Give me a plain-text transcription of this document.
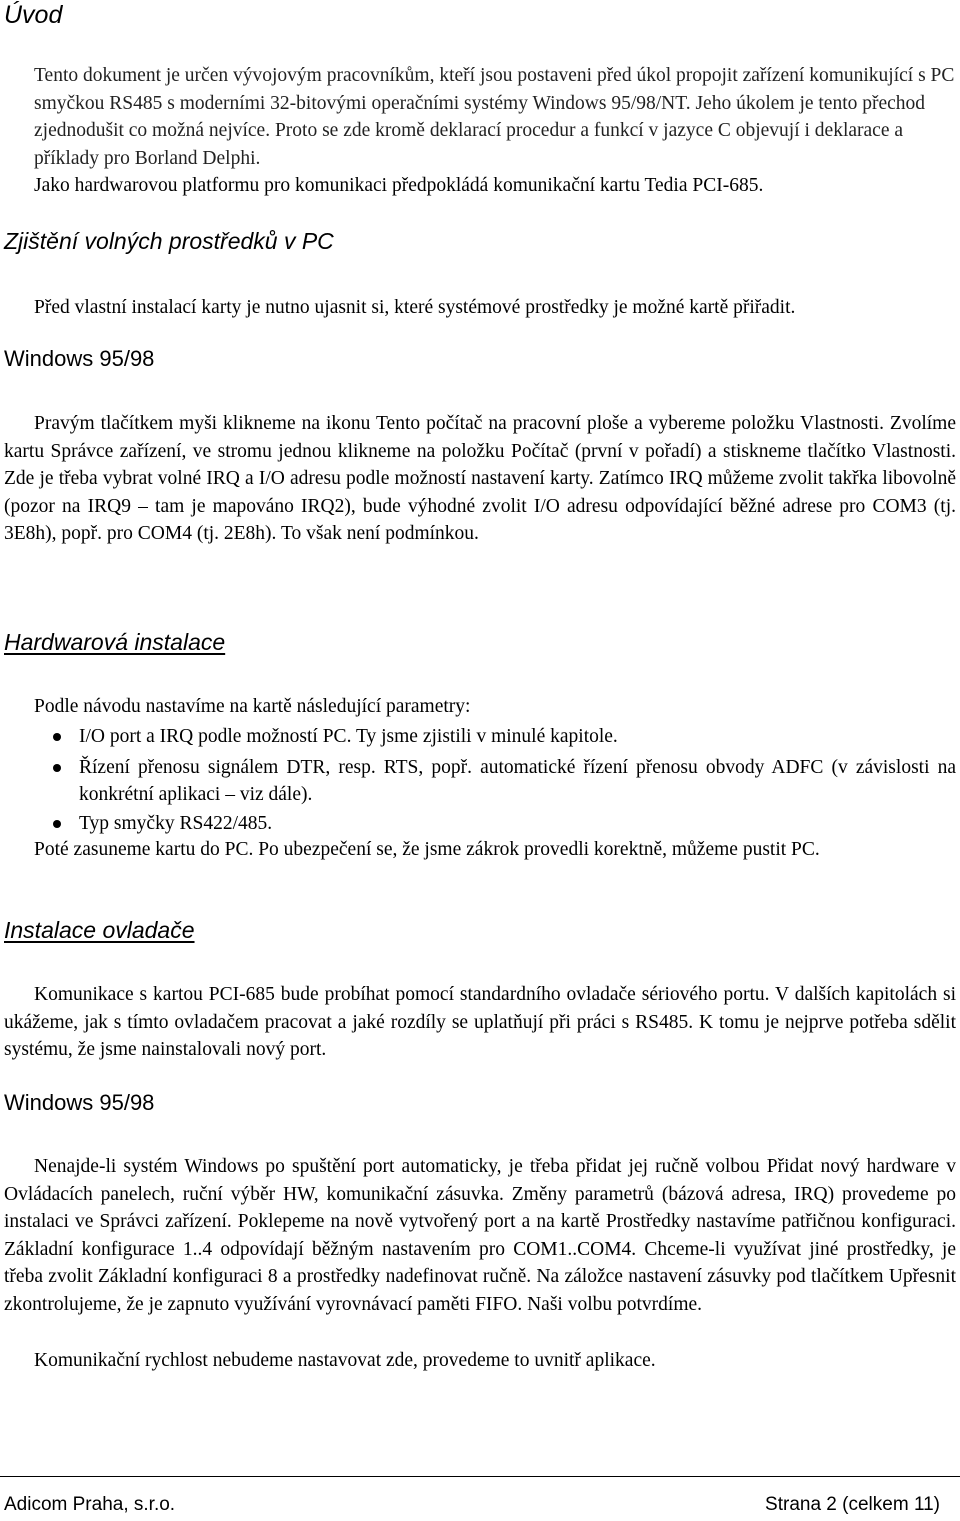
Úvod

Tento dokument je určen vývojovým pracovníkům, kteří jsou postaveni před úkol propojit zařízení komunikující s PC smyčkou RS485 s moderními 32-bitovými operačními systémy Windows 95/98/NT. Jeho úkolem je tento přechod zjednodušit co možná nejvíce. Proto se zde kromě deklarací procedur a funkcí v jazyce C objevují i deklarace a příklady pro Borland Delphi.

Jako hardwarovou platformu pro komunikaci předpokládá komunikační kartu Tedia PCI-685.

Zjištění volných prostředků v PC

Před vlastní instalací karty je nutno ujasnit si, které systémové prostředky je možné kartě přiřadit.

Windows 95/98

Pravým tlačítkem myši klikneme na ikonu Tento počítač na pracovní ploše a vybereme položku Vlastnosti. Zvolíme kartu Správce zařízení, ve stromu jednou klikneme na položku Počítač (první v pořadí) a stiskneme tlačítko Vlastnosti. Zde je třeba vybrat volné IRQ a I/O adresu podle možností nastavení karty. Zatímco IRQ můžeme zvolit takřka libovolně (pozor na IRQ9 – tam je mapováno IRQ2), bude výhodné zvolit I/O adresu odpovídající běžné adrese pro COM3 (tj. 3E8h), popř. pro COM4 (tj. 2E8h). To však není podmínkou.

Hardwarová instalace

Podle návodu nastavíme na kartě následující parametry:

I/O port a IRQ podle možností PC. Ty jsme zjistili v minulé kapitole.
Řízení přenosu signálem DTR, resp. RTS, popř. automatické řízení přenosu obvody ADFC (v závislosti na konkrétní aplikaci – viz dále).
Typ smyčky RS422/485.

Poté zasuneme kartu do PC. Po ubezpečení se, že jsme zákrok provedli korektně, můžeme pustit PC.

Instalace ovladače

Komunikace s kartou PCI-685 bude probíhat pomocí standardního ovladače sériového portu. V dalších kapitolách si ukážeme, jak s tímto ovladačem pracovat a jaké rozdíly se uplatňují při práci s RS485. K tomu je nejprve potřeba sdělit systému, že jsme nainstalovali nový port.

Windows 95/98

Nenajde-li systém Windows po spuštění port automaticky, je třeba přidat jej ručně volbou Přidat nový hardware v Ovládacích panelech, ruční výběr HW, komunikační zásuvka. Změny parametrů (bázová adresa, IRQ) provedeme po instalaci ve Správci zařízení. Poklepeme na nově vytvořený port a na kartě Prostředky nastavíme patřičnou konfiguraci. Základní konfigurace 1..4 odpovídají běžným nastavením pro COM1..COM4. Chceme-li využívat jiné prostředky, je třeba zvolit Základní konfiguraci 8 a prostředky nadefinovat ručně. Na záložce nastavení zásuvky pod tlačítkem Upřesnit zkontrolujeme, že je zapnuto využívání vyrovnávací paměti FIFO. Naši volbu potvrdíme.

Komunikační rychlost nebudeme nastavovat zde, provedeme to uvnitř aplikace.

Adicom Praha, s.r.o.	Strana 2 (celkem 11)
